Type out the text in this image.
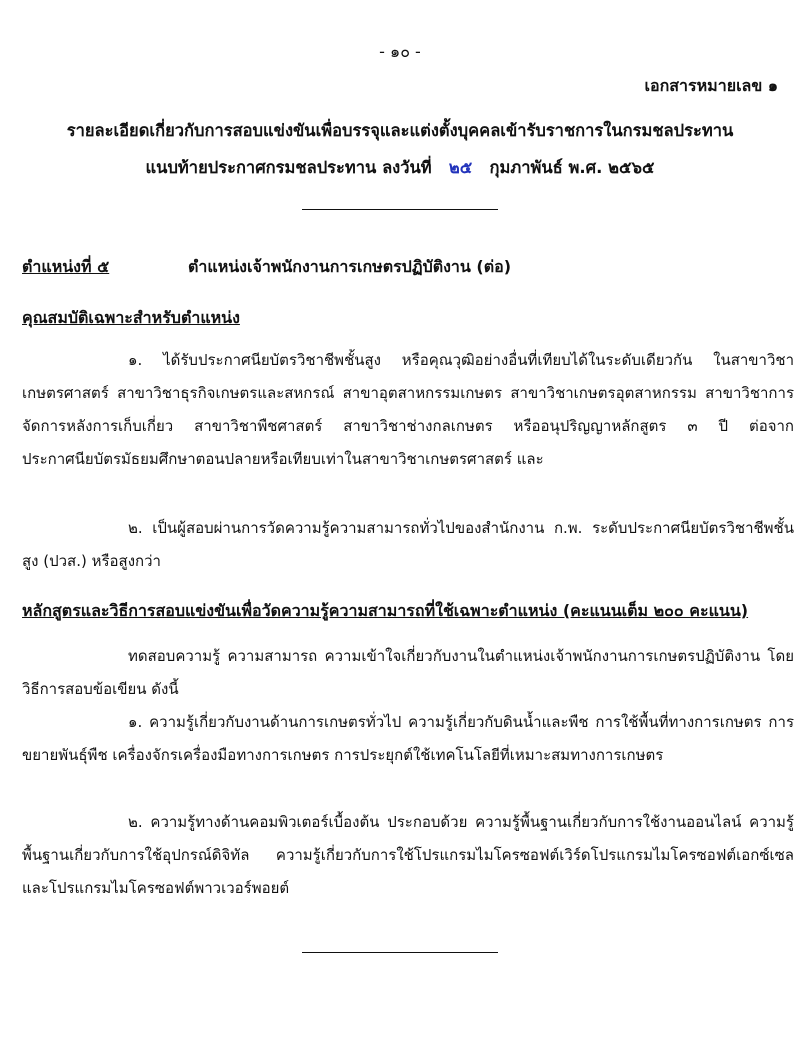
- ๑๐ -
เอกสารหมายเลข ๑
รายละเอียดเกี่ยวกับการสอบแข่งขันเพื่อบรรจุและแต่งตั้งบุคคลเข้ารับราชการในกรมชลประทาน
แนบท้ายประกาศกรมชลประทาน ลงวันที่ ๒๕ กุมภาพันธ์ พ.ศ. ๒๕๖๕
ตำแหน่งที่ ๕	ตำแหน่งเจ้าพนักงานการเกษตรปฏิบัติงาน (ต่อ)
คุณสมบัติเฉพาะสำหรับตำแหน่ง
๑. ได้รับประกาศนียบัตรวิชาชีพชั้นสูง หรือคุณวุฒิอย่างอื่นที่เทียบได้ในระดับเดียวกัน ในสาขาวิชาเกษตรศาสตร์ สาขาวิชาธุรกิจเกษตรและสหกรณ์ สาขาอุตสาหกรรมเกษตร สาขาวิชาเกษตรอุตสาหกรรม สาขาวิชาการจัดการหลังการเก็บเกี่ยว สาขาวิชาพืชศาสตร์ สาขาวิชาช่างกลเกษตร หรืออนุปริญญาหลักสูตร ๓ ปี ต่อจากประกาศนียบัตรมัธยมศึกษาตอนปลายหรือเทียบเท่าในสาขาวิชาเกษตรศาสตร์ และ
๒. เป็นผู้สอบผ่านการวัดความรู้ความสามารถทั่วไปของสำนักงาน ก.พ. ระดับประกาศนียบัตรวิชาชีพชั้นสูง (ปวส.) หรือสูงกว่า
หลักสูตรและวิธีการสอบแข่งขันเพื่อวัดความรู้ความสามารถที่ใช้เฉพาะตำแหน่ง (คะแนนเต็ม ๒๐๐ คะแนน)
ทดสอบความรู้ ความสามารถ ความเข้าใจเกี่ยวกับงานในตำแหน่งเจ้าพนักงานการเกษตรปฏิบัติงาน โดยวิธีการสอบข้อเขียน ดังนี้
๑. ความรู้เกี่ยวกับงานด้านการเกษตรทั่วไป ความรู้เกี่ยวกับดินน้ำและพืช การใช้พื้นที่ทางการเกษตร การขยายพันธุ์พืช เครื่องจักรเครื่องมือทางการเกษตร การประยุกต์ใช้เทคโนโลยีที่เหมาะสมทางการเกษตร
๒. ความรู้ทางด้านคอมพิวเตอร์เบื้องต้น ประกอบด้วย ความรู้พื้นฐานเกี่ยวกับการใช้งานออนไลน์ ความรู้พื้นฐานเกี่ยวกับการใช้อุปกรณ์ดิจิทัล ความรู้เกี่ยวกับการใช้โปรแกรมไมโครซอฟต์เวิร์ดโปรแกรมไมโครซอฟต์เอกซ์เซล และโปรแกรมไมโครซอฟต์พาวเวอร์พอยต์
